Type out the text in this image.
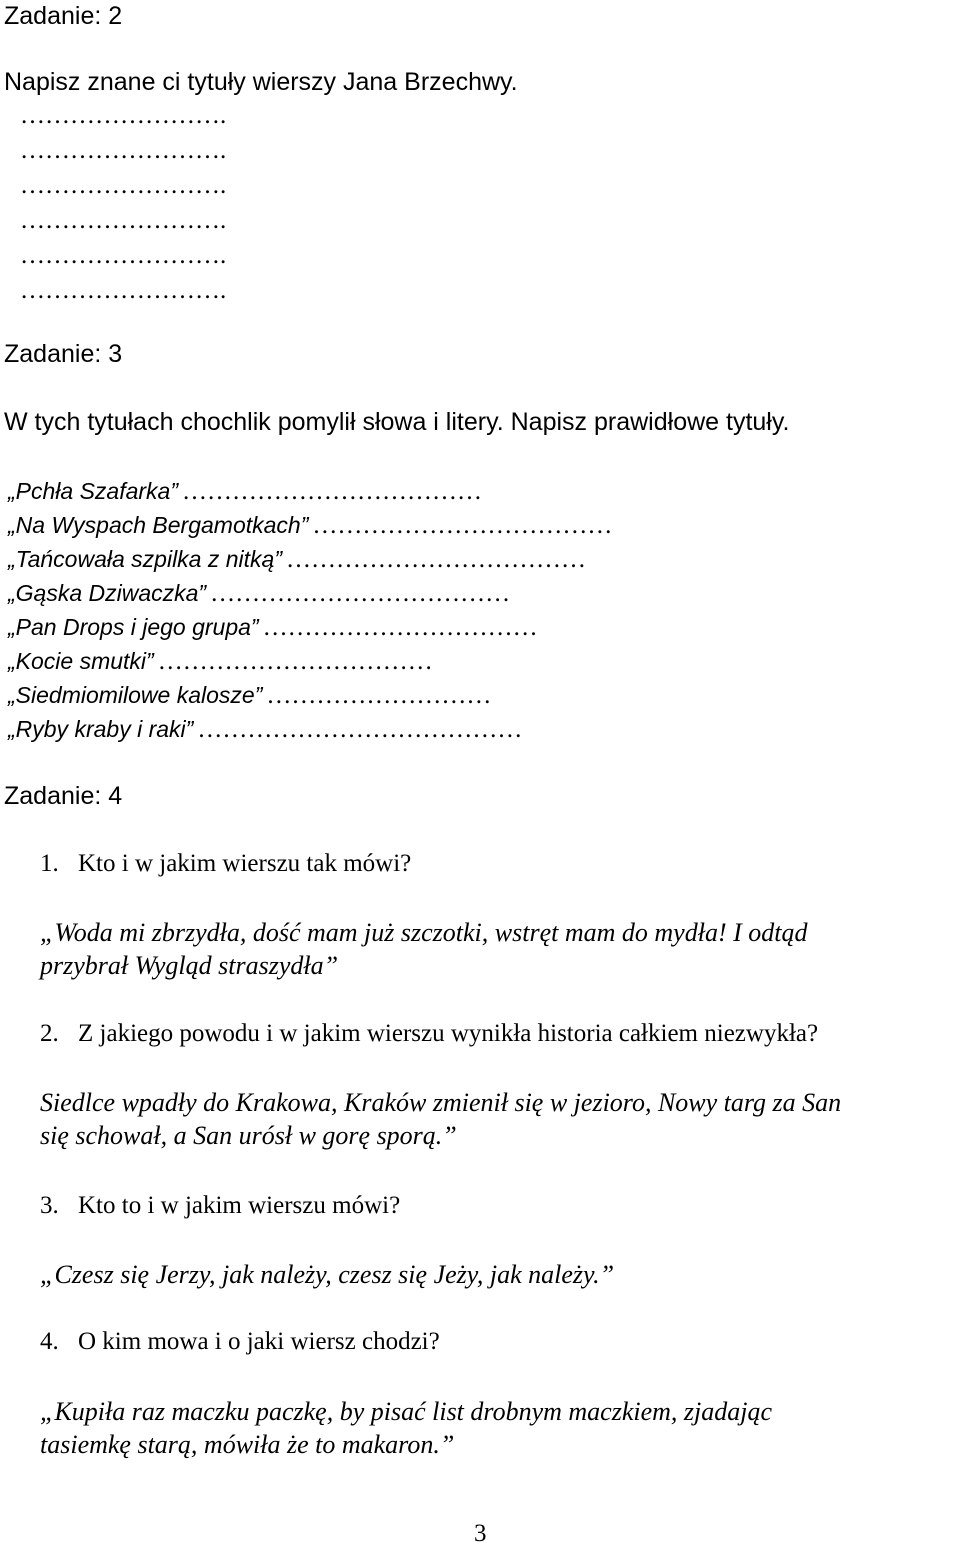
Zadanie: 2
Napisz znane ci tytuły wierszy Jana Brzechwy.
…………………….
…………………….
…………………….
…………………….
…………………….
…………………….
Zadanie: 3
W tych tytułach chochlik pomylił słowa i litery. Napisz prawidłowe tytuły.
„Pchła Szafarka” ………………………………
„Na Wyspach Bergamotkach” ………………………………
„Tańcowała szpilka z nitką” ………………………………
„Gąska Dziwaczka” ………………………………
„Pan Drops i jego grupa” ……………………………
„Kocie smutki” ……………………………
„Siedmiomilowe kalosze” ………………………
„Ryby kraby i raki” …………………………………
Zadanie: 4
1. Kto i w jakim wierszu tak mówi?
„Woda mi zbrzydła, dość mam już szczotki, wstręt mam do mydła! I odtąd
przybrał Wygląd straszydła”
2. Z jakiego powodu i w jakim wierszu wynikła historia całkiem niezwykła?
Siedlce wpadły do Krakowa, Kraków zmienił się w jezioro, Nowy targ za San
się schował, a San urósł w gorę sporą.”
3. Kto to i w jakim wierszu mówi?
„Czesz się Jerzy, jak należy, czesz się Jeży, jak należy.”
4. O kim mowa i o jaki wiersz chodzi?
„Kupiła raz maczku paczkę, by pisać list drobnym maczkiem, zjadając
tasiemkę starą, mówiła że to makaron.”
3
